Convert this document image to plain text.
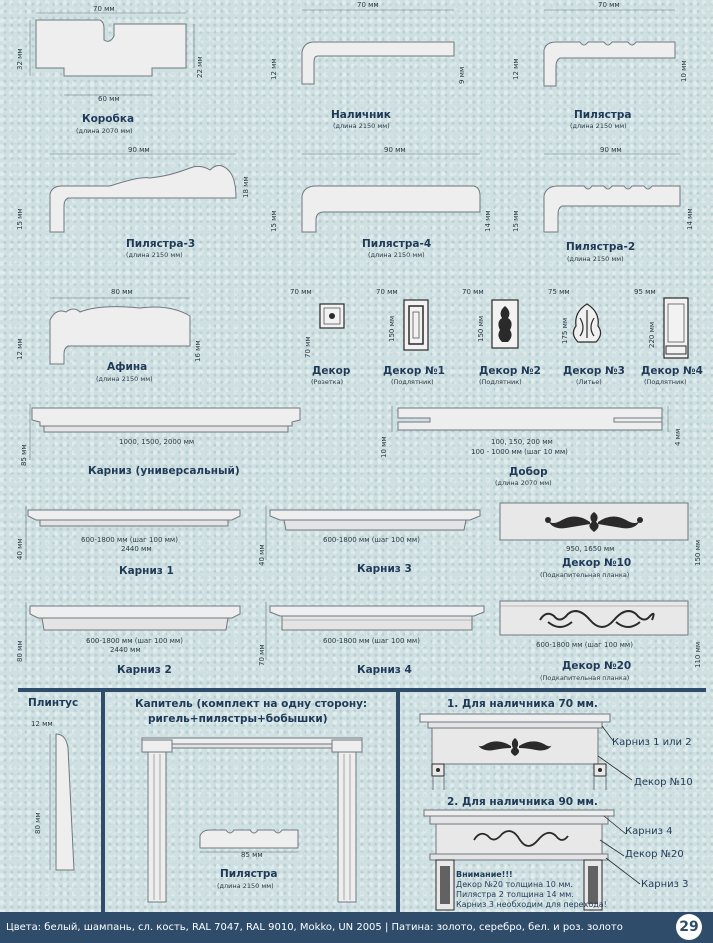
70 мм
32 мм	22 мм
60 мм
Коробка
(длина 2070 мм)
70 мм
12 мм	9 мм
Наличник
(длина 2150 мм)
70 мм
12 мм	10 мм
Пилястра
(длина 2150 мм)
90 мм
15 мм
18 мм
Пилястра-3
(длина 2150 мм)
90 мм
15 мм	14 мм
Пилястра-4
(длина 2150 мм)
90 мм
15 мм	14 мм
Пилястра-2
(длина 2150 мм)
80 мм
12 мм	16 мм
Афина
(длина 2150 мм)
70 мм
70 мм
Декор
(Розетка)
70 мм
150 мм
Декор №1
(Подлятник)
70 мм
150 мм
Декор №2
(Подлятник)
75 мм
175 мм
Декор №3
(Литье)
95 мм
220 мм
Декор №4
(Подлятник)
1000, 1500, 2000 мм
85 мм
Карниз (универсальный)
10 мм	4 мм
100, 150, 200 мм
100 - 1000 мм (шаг 10 мм)
Добор
(длина 2070 мм)
600-1800 мм (шаг 100 мм)
2440 мм
40 мм
Карниз 1
600-1800 мм (шаг 100 мм)
40 мм
Карниз 3
950, 1650 мм	150 мм
Декор №10
(Подкапительная планка)
600-1800 мм (шаг 100 мм)
2440 мм
80 мм
Карниз 2
600-1800 мм (шаг 100 мм)
70 мм
Карниз 4
600-1800 мм (шаг 100 мм)	110 мм
Декор №20
(Подкапительная планка)
Плинтус
12 мм
80 мм
Капитель (комплект на одну сторону:
ригель+пилястры+бобышки)
85 мм
Пилястра
(длина 2150 мм)
1. Для наличника 70 мм.
Карниз 1 или 2
Декор №10
2. Для наличника 90 мм.
Карниз 4
Декор №20
Карниз 3
Внимание!!!
Декор №20 толщина 10 мм.
Пилястра 2 толщина 14 мм.
Карниз 3 необходим для перехода!
Цвета: белый, шампань, сл. кость, RAL 7047, RAL 9010, Mokko, UN 2005 | Патина: золото, серебро, бел. и роз. золото	29
